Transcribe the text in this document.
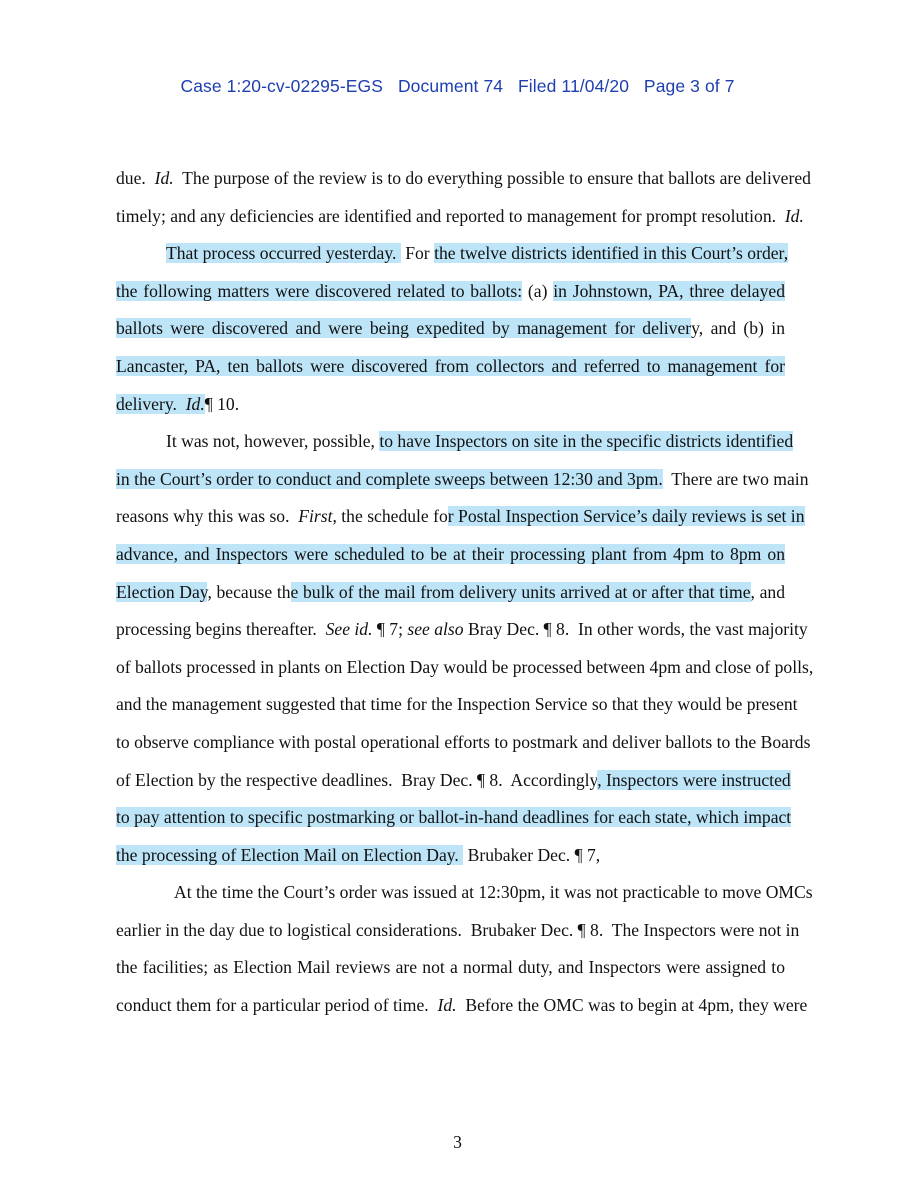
Case 1:20-cv-02295-EGS Document 74 Filed 11/04/20 Page 3 of 7
due.  Id.  The purpose of the review is to do everything possible to ensure that ballots are delivered
timely; and any deficiencies are identified and reported to management for prompt resolution.  Id.
That process occurred yesterday.  For the twelve districts identified in this Court’s order,
the following matters were discovered related to ballots: (a) in Johnstown, PA, three delayed
ballots were discovered and were being expedited by management for delivery, and (b) in
Lancaster, PA, ten ballots were discovered from collectors and referred to management for
delivery.  Id.¶ 10.
It was not, however, possible, to have Inspectors on site in the specific districts identified
in the Court’s order to conduct and complete sweeps between 12:30 and 3pm.  There are two main
reasons why this was so.  First, the schedule for Postal Inspection Service’s daily reviews is set in
advance, and Inspectors were scheduled to be at their processing plant from 4pm to 8pm on
Election Day, because the bulk of the mail from delivery units arrived at or after that time, and
processing begins thereafter.  See id. ¶ 7; see also Bray Dec. ¶ 8.  In other words, the vast majority
of ballots processed in plants on Election Day would be processed between 4pm and close of polls,
and the management suggested that time for the Inspection Service so that they would be present
to observe compliance with postal operational efforts to postmark and deliver ballots to the Boards
of Election by the respective deadlines.  Bray Dec. ¶ 8.  Accordingly, Inspectors were instructed
to pay attention to specific postmarking or ballot-in-hand deadlines for each state, which impact
the processing of Election Mail on Election Day.  Brubaker Dec. ¶ 7,
At the time the Court’s order was issued at 12:30pm, it was not practicable to move OMCs
earlier in the day due to logistical considerations.  Brubaker Dec. ¶ 8.  The Inspectors were not in
the facilities; as Election Mail reviews are not a normal duty, and Inspectors were assigned to
conduct them for a particular period of time.  Id.  Before the OMC was to begin at 4pm, they were
3
